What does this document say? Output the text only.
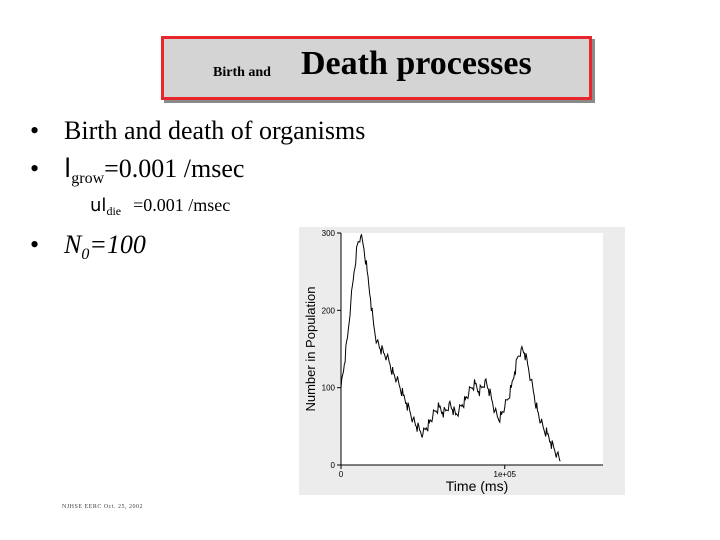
Birth and Death processes
• Birth and death of organisms
• $l_{grow}=0.001$ /msec
$ul_{die} =0.001$ /msec
• $N_0=100$
0
100
200
300
0	1e+05
Time (ms)
Number in Population
NJHSE EERC Oct. 25, 2002
